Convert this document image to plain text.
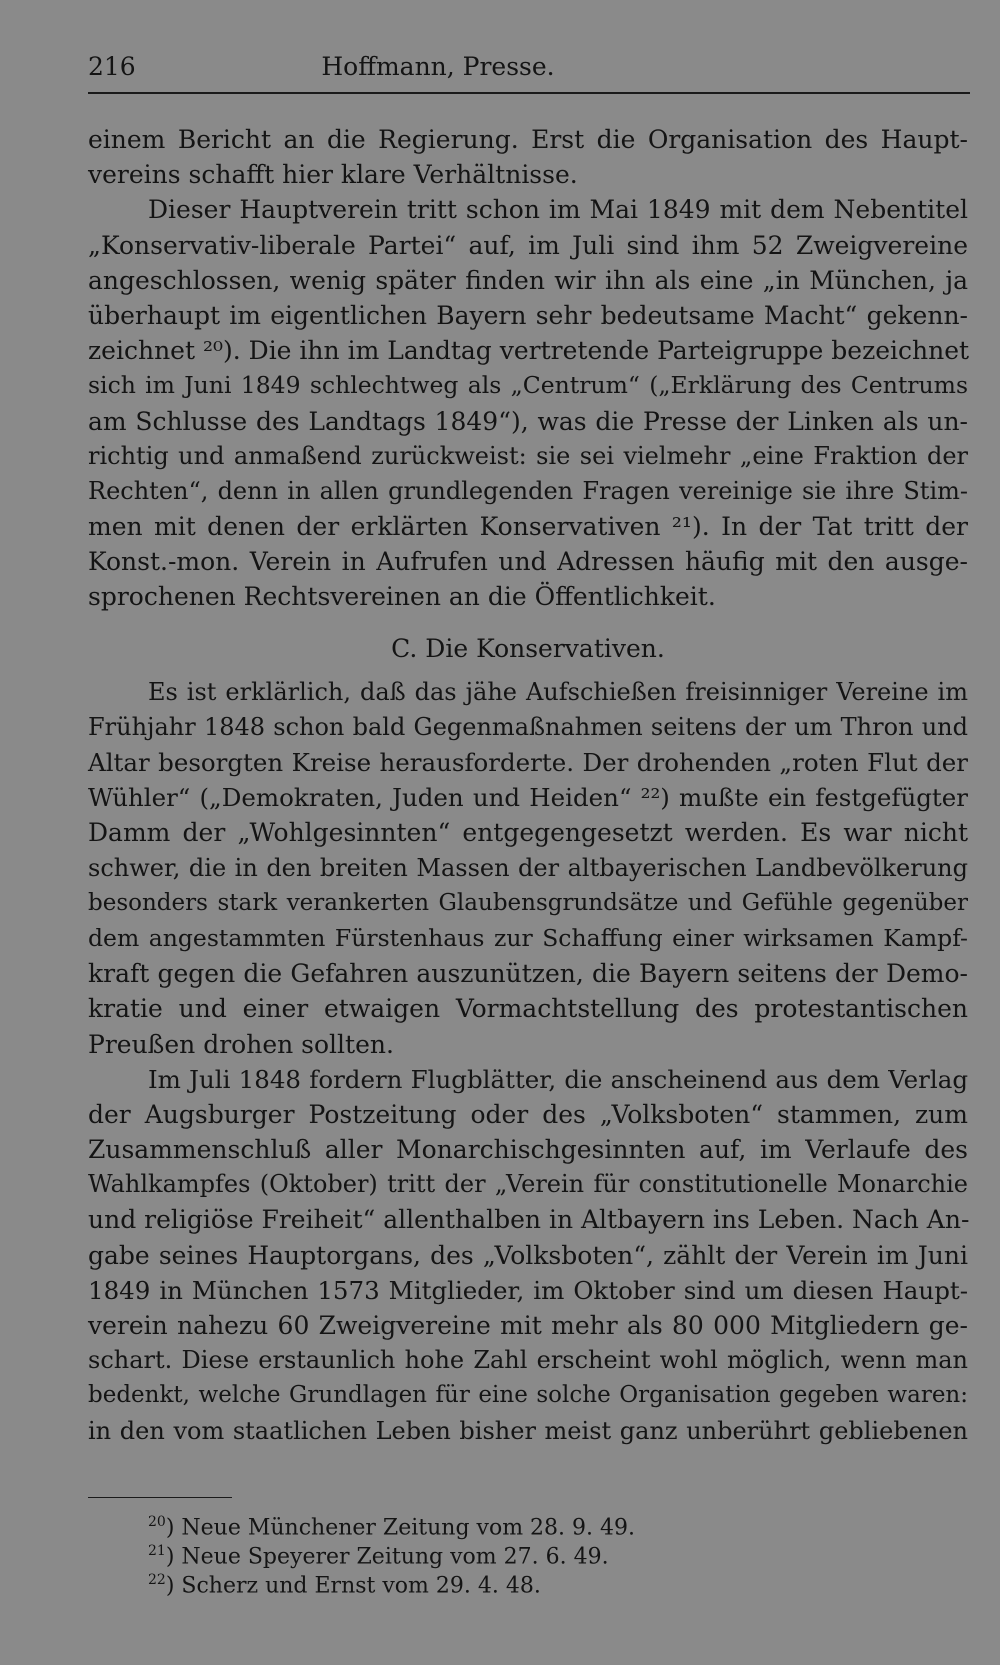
216	Hoffmann, Presse.
einem Bericht an die Regierung. Erst die Organisation des Haupt-
vereins schafft hier klare Verhältnisse.
Dieser Hauptverein tritt schon im Mai 1849 mit dem Nebentitel
„Konservativ-liberale Partei“ auf, im Juli sind ihm 52 Zweigvereine
angeschlossen, wenig später finden wir ihn als eine „in München, ja
überhaupt im eigentlichen Bayern sehr bedeutsame Macht“ gekenn-
zeichnet ²⁰). Die ihn im Landtag vertretende Parteigruppe bezeichnet
sich im Juni 1849 schlechtweg als „Centrum“ („Erklärung des Centrums
am Schlusse des Landtags 1849“), was die Presse der Linken als un-
richtig und anmaßend zurückweist: sie sei vielmehr „eine Fraktion der
Rechten“, denn in allen grundlegenden Fragen vereinige sie ihre Stim-
men mit denen der erklärten Konservativen ²¹). In der Tat tritt der
Konst.-mon. Verein in Aufrufen und Adressen häufig mit den ausge-
sprochenen Rechtsvereinen an die Öffentlichkeit.
C. Die Konservativen.
Es ist erklärlich, daß das jähe Aufschießen freisinniger Vereine im
Frühjahr 1848 schon bald Gegenmaßnahmen seitens der um Thron und
Altar besorgten Kreise herausforderte. Der drohenden „roten Flut der
Wühler“ („Demokraten, Juden und Heiden“ ²²) mußte ein festgefügter
Damm der „Wohlgesinnten“ entgegengesetzt werden. Es war nicht
schwer, die in den breiten Massen der altbayerischen Landbevölkerung
besonders stark verankerten Glaubensgrundsätze und Gefühle gegenüber
dem angestammten Fürstenhaus zur Schaffung einer wirksamen Kampf-
kraft gegen die Gefahren auszunützen, die Bayern seitens der Demo-
kratie und einer etwaigen Vormachtstellung des protestantischen
Preußen drohen sollten.
Im Juli 1848 fordern Flugblätter, die anscheinend aus dem Verlag
der Augsburger Postzeitung oder des „Volksboten“ stammen, zum
Zusammenschluß aller Monarchischgesinnten auf, im Verlaufe des
Wahlkampfes (Oktober) tritt der „Verein für constitutionelle Monarchie
und religiöse Freiheit“ allenthalben in Altbayern ins Leben. Nach An-
gabe seines Hauptorgans, des „Volksboten“, zählt der Verein im Juni
1849 in München 1573 Mitglieder, im Oktober sind um diesen Haupt-
verein nahezu 60 Zweigvereine mit mehr als 80 000 Mitgliedern ge-
schart. Diese erstaunlich hohe Zahl erscheint wohl möglich, wenn man
bedenkt, welche Grundlagen für eine solche Organisation gegeben waren:
in den vom staatlichen Leben bisher meist ganz unberührt gebliebenen
$^{20}$) Neue Münchener Zeitung vom 28. 9. 49.
$^{21}$) Neue Speyerer Zeitung vom 27. 6. 49.
$^{22}$) Scherz und Ernst vom 29. 4. 48.
